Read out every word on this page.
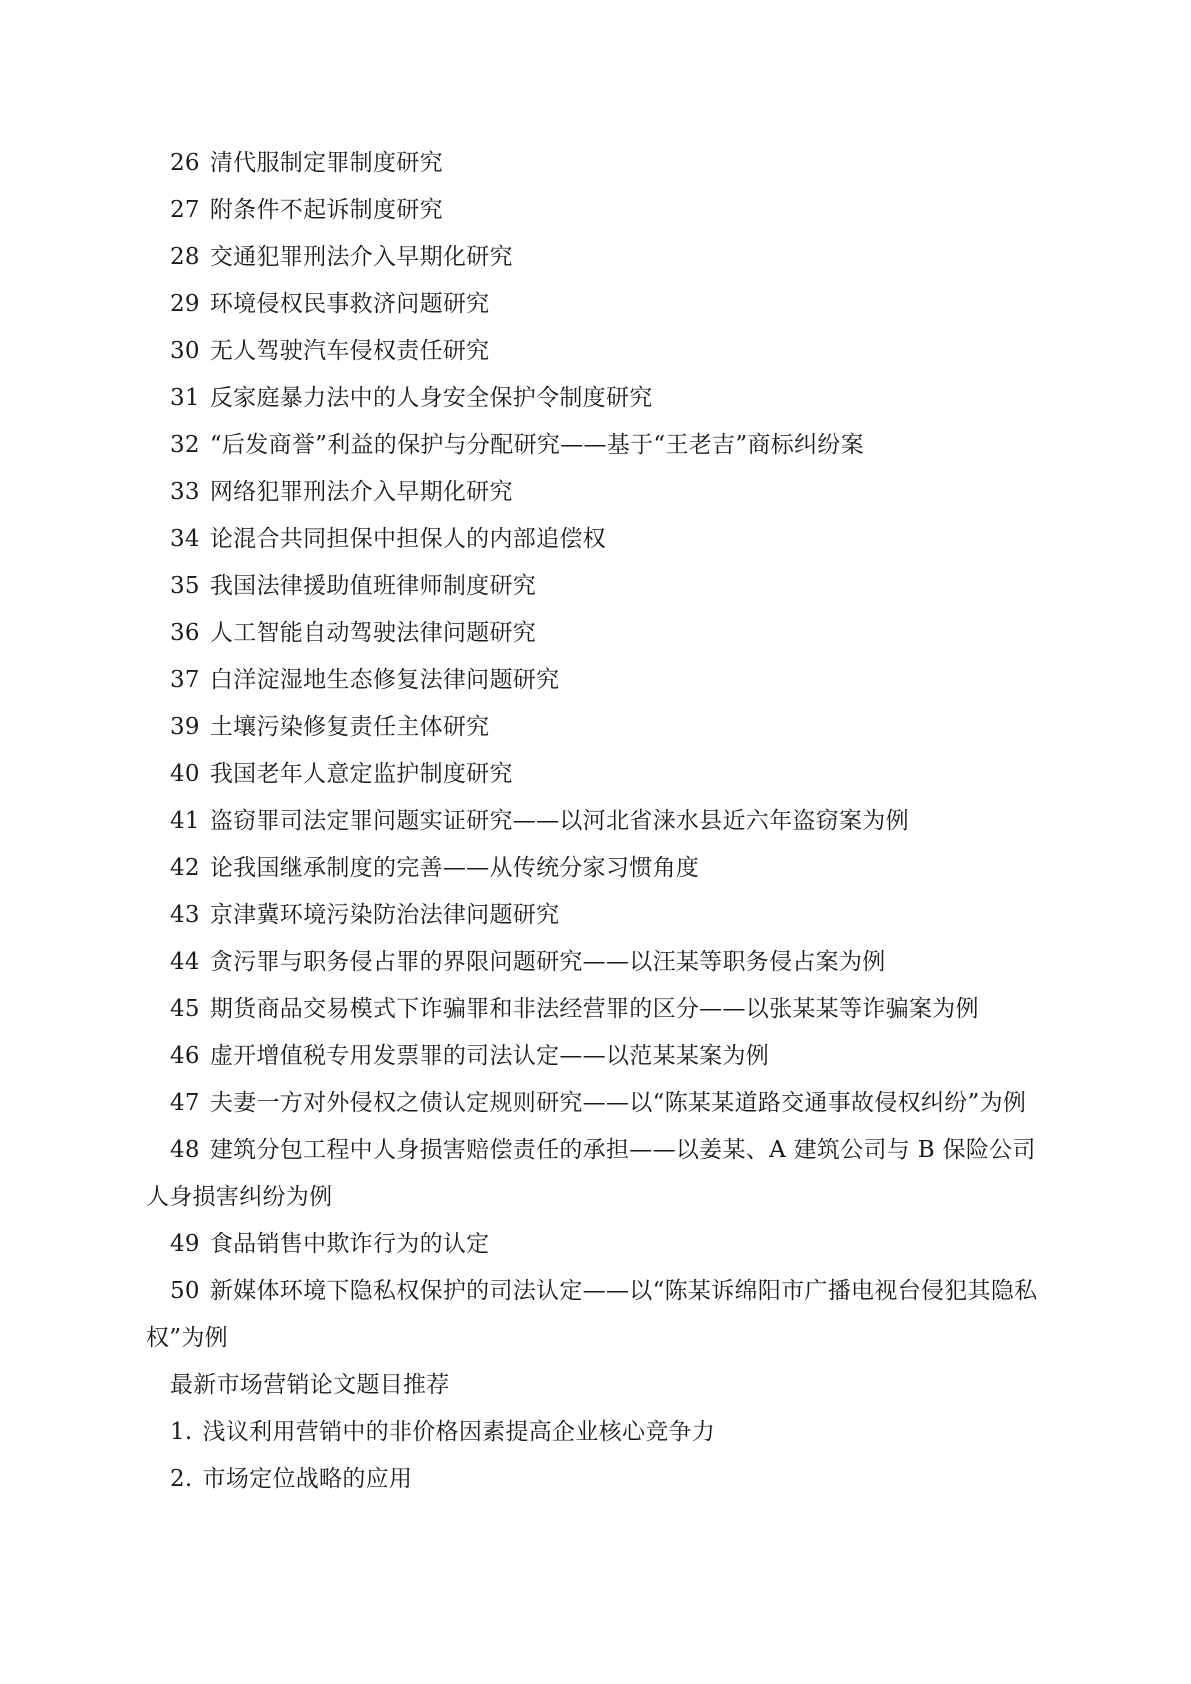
26 清代服制定罪制度研究

27 附条件不起诉制度研究

28 交通犯罪刑法介入早期化研究

29 环境侵权民事救济问题研究

30 无人驾驶汽车侵权责任研究

31 反家庭暴力法中的人身安全保护令制度研究

32 “后发商誉”利益的保护与分配研究——基于“王老吉”商标纠纷案

33 网络犯罪刑法介入早期化研究

34 论混合共同担保中担保人的内部追偿权

35 我国法律援助值班律师制度研究

36 人工智能自动驾驶法律问题研究

37 白洋淀湿地生态修复法律问题研究

39 土壤污染修复责任主体研究

40 我国老年人意定监护制度研究

41 盗窃罪司法定罪问题实证研究——以河北省涞水县近六年盗窃案为例

42 论我国继承制度的完善——从传统分家习惯角度

43 京津冀环境污染防治法律问题研究

44 贪污罪与职务侵占罪的界限问题研究——以汪某等职务侵占案为例

45 期货商品交易模式下诈骗罪和非法经营罪的区分——以张某某等诈骗案为例

46 虚开增值税专用发票罪的司法认定——以范某某案为例

47 夫妻一方对外侵权之债认定规则研究——以“陈某某道路交通事故侵权纠纷”为例

48 建筑分包工程中人身损害赔偿责任的承担——以姜某、A 建筑公司与 B 保险公司人身损害纠纷为例

49 食品销售中欺诈行为的认定

50 新媒体环境下隐私权保护的司法认定——以“陈某诉绵阳市广播电视台侵犯其隐私权”为例

最新市场营销论文题目推荐

1. 浅议利用营销中的非价格因素提高企业核心竞争力

2. 市场定位战略的应用
